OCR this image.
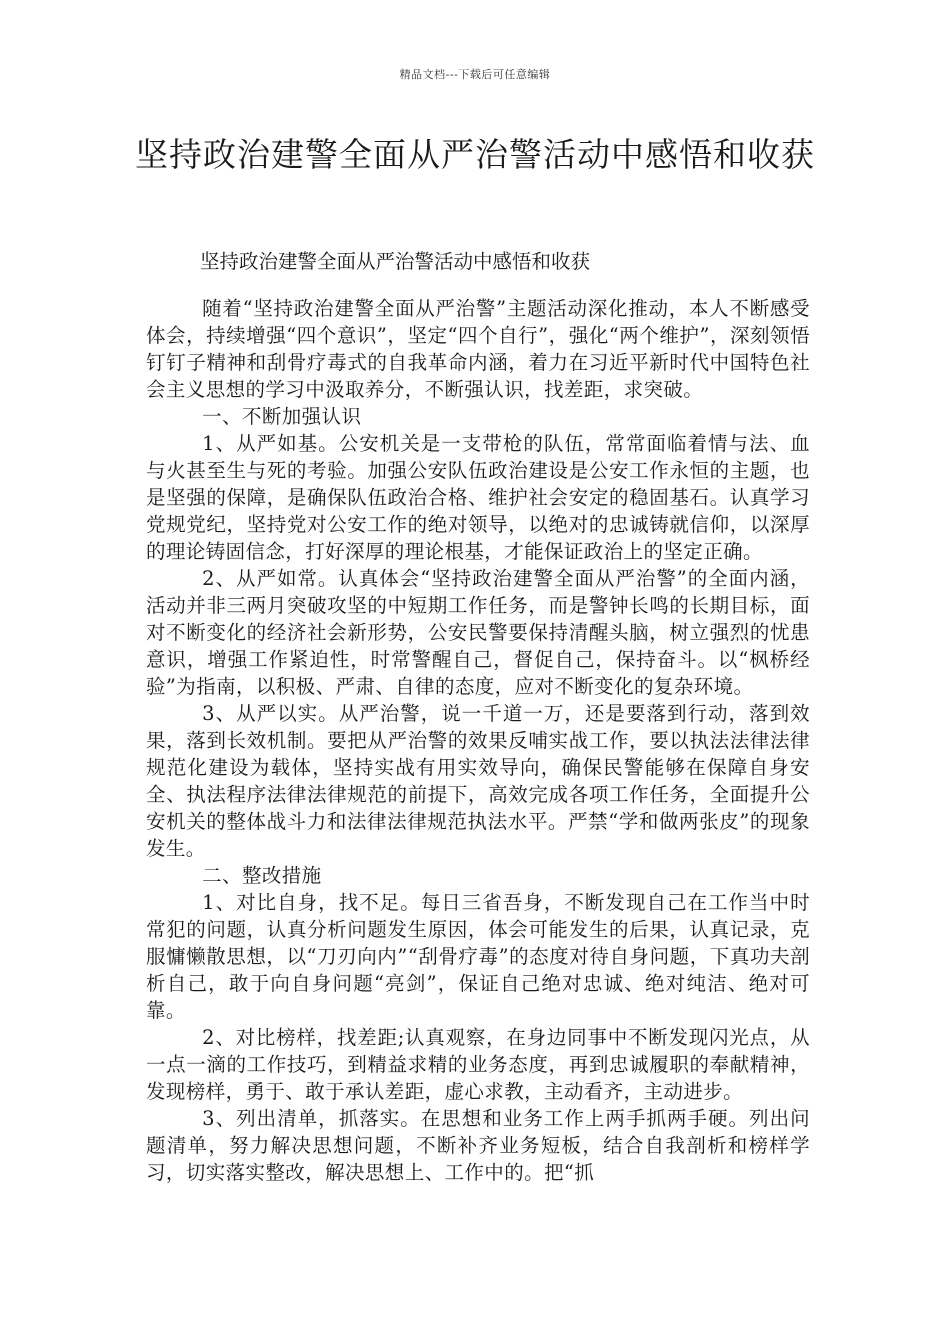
精品文档---下载后可任意编辑
坚持政治建警全面从严治警活动中感悟和收获

坚持政治建警全面从严治警活动中感悟和收获

随着“坚持政治建警全面从严治警”主题活动深化推动，本人不断感受体会，持续增强“四个意识”，坚定“四个自行”，强化“两个维护”，深刻领悟钉钉子精神和刮骨疗毒式的自我革命内涵，着力在习近平新时代中国特色社会主义思想的学习中汲取养分，不断强认识，找差距，求突破。

一、不断加强认识

1、从严如基。公安机关是一支带枪的队伍，常常面临着情与法、血与火甚至生与死的考验。加强公安队伍政治建设是公安工作永恒的主题，也是坚强的保障，是确保队伍政治合格、维护社会安定的稳固基石。认真学习党规党纪，坚持党对公安工作的绝对领导，以绝对的忠诚铸就信仰，以深厚的理论铸固信念，打好深厚的理论根基，才能保证政治上的坚定正确。

2、从严如常。认真体会“坚持政治建警全面从严治警”的全面内涵，活动并非三两月突破攻坚的中短期工作任务，而是警钟长鸣的长期目标，面对不断变化的经济社会新形势，公安民警要保持清醒头脑，树立强烈的忧患意识，增强工作紧迫性，时常警醒自己，督促自己，保持奋斗。以“枫桥经验”为指南，以积极、严肃、自律的态度，应对不断变化的复杂环境。

3、从严以实。从严治警，说一千道一万，还是要落到行动，落到效果，落到长效机制。要把从严治警的效果反哺实战工作，要以执法法律法律规范化建设为载体，坚持实战有用实效导向，确保民警能够在保障自身安全、执法程序法律法律规范的前提下，高效完成各项工作任务，全面提升公安机关的整体战斗力和法律法律规范执法水平。严禁“学和做两张皮”的现象发生。

二、整改措施

1、对比自身，找不足。每日三省吾身，不断发现自己在工作当中时常犯的问题，认真分析问题发生原因，体会可能发生的后果，认真记录，克服慵懒散思想，以“刀刃向内”“刮骨疗毒”的态度对待自身问题，下真功夫剖析自己，敢于向自身问题“亮剑”，保证自己绝对忠诚、绝对纯洁、绝对可靠。

2、对比榜样，找差距;认真观察，在身边同事中不断发现闪光点，从一点一滴的工作技巧，到精益求精的业务态度，再到忠诚履职的奉献精神，发现榜样，勇于、敢于承认差距，虚心求教，主动看齐，主动进步。

3、列出清单，抓落实。在思想和业务工作上两手抓两手硬。列出问题清单，努力解决思想问题，不断补齐业务短板，结合自我剖析和榜样学习，切实落实整改，解决思想上、工作中的。把“抓
